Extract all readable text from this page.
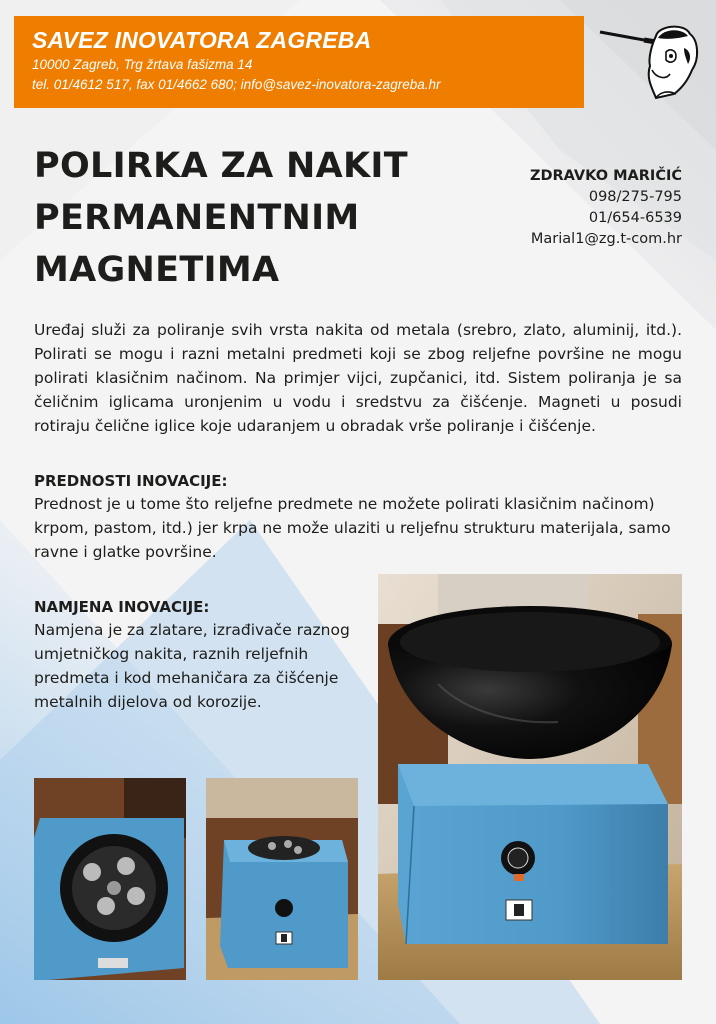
SAVEZ INOVATORA ZAGREBA
10000 Zagreb, Trg žrtava fašizma 14
tel. 01/4612 517, fax 01/4662 680; info@savez-inovatora-zagreba.hr
POLIRKA ZA NAKIT
PERMANENTNIM
MAGNETIMA
ZDRAVKO MARIČIĆ
098/275-795
01/654-6539
Marial1@zg.t-com.hr

Uređaj služi za poliranje svih vrsta nakita od metala (srebro, zlato, aluminij, itd.). Polirati se mogu i razni metalni predmeti koji se zbog reljefne površine ne mogu polirati klasičnim načinom. Na primjer vijci, zupčanici, itd. Sistem poliranja je sa čeličnim iglicama uronjenim u vodu i sredstvu za čišćenje. Magneti u posudi rotiraju čelične iglice koje udaranjem u obradak vrše poliranje i čišćenje.

PREDNOSTI INOVACIJE:

Prednost je u tome što reljefne predmete ne možete polirati klasičnim načinom) krpom, pastom, itd.) jer krpa ne može ulaziti u reljefnu strukturu materijala, samo ravne i glatke površine.

NAMJENA INOVACIJE:

Namjena je za zlatare, izrađivače raznog umjetničkog nakita, raznih reljefnih predmeta i kod mehaničara za čišćenje metalnih dijelova od korozije.
